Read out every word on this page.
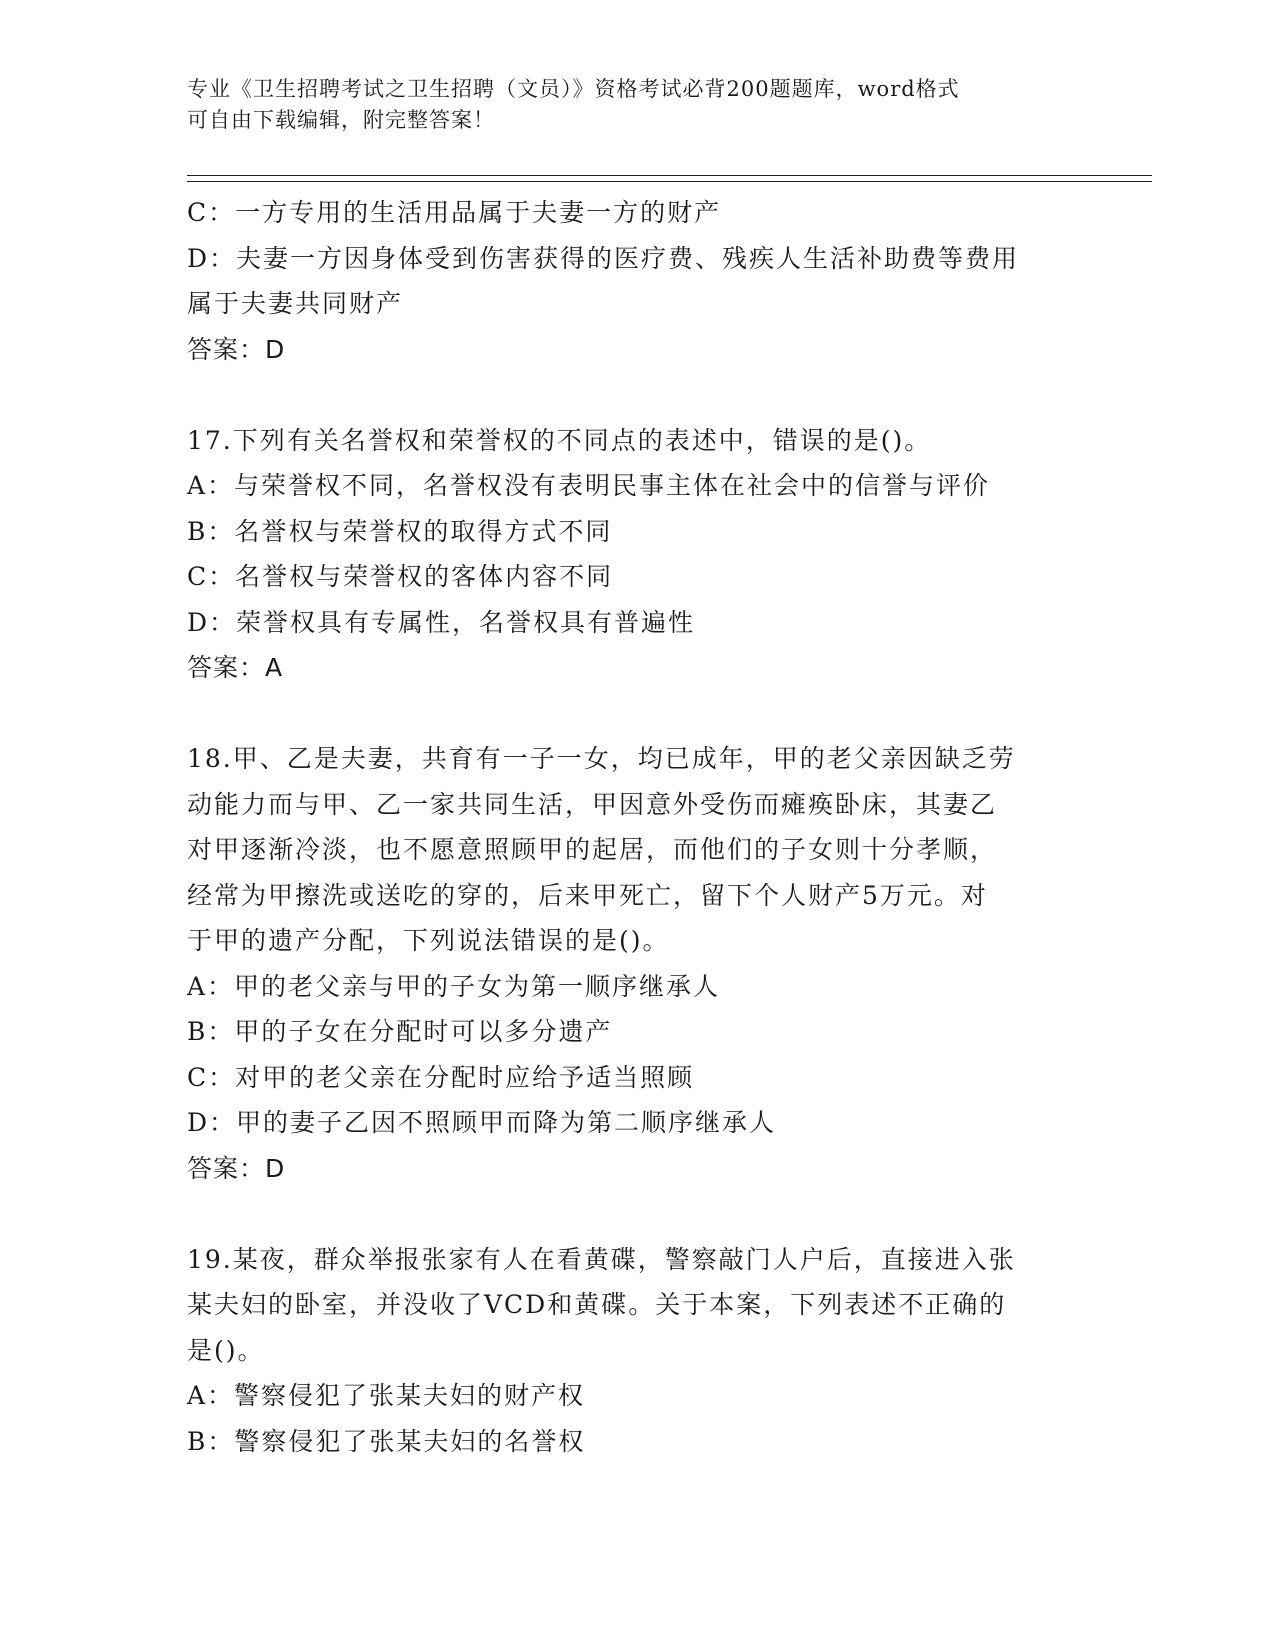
专业《卫生招聘考试之卫生招聘（文员）》资格考试必背200题题库，word格式
可自由下载编辑，附完整答案！
C：一方专用的生活用品属于夫妻一方的财产
D：夫妻一方因身体受到伤害获得的医疗费、残疾人生活补助费等费用
属于夫妻共同财产
答案：D
17.下列有关名誉权和荣誉权的不同点的表述中，错误的是()。
A：与荣誉权不同，名誉权没有表明民事主体在社会中的信誉与评价
B：名誉权与荣誉权的取得方式不同
C：名誉权与荣誉权的客体内容不同
D：荣誉权具有专属性，名誉权具有普遍性
答案：A
18.甲、乙是夫妻，共育有一子一女，均已成年，甲的老父亲因缺乏劳
动能力而与甲、乙一家共同生活，甲因意外受伤而瘫痪卧床，其妻乙
对甲逐渐冷淡，也不愿意照顾甲的起居，而他们的子女则十分孝顺，
经常为甲擦洗或送吃的穿的，后来甲死亡，留下个人财产5万元。对
于甲的遗产分配，下列说法错误的是()。
A：甲的老父亲与甲的子女为第一顺序继承人
B：甲的子女在分配时可以多分遗产
C：对甲的老父亲在分配时应给予适当照顾
D：甲的妻子乙因不照顾甲而降为第二顺序继承人
答案：D
19.某夜，群众举报张家有人在看黄碟，警察敲门人户后，直接进入张
某夫妇的卧室，并没收了VCD和黄碟。关于本案，下列表述不正确的
是()。
A：警察侵犯了张某夫妇的财产权
B：警察侵犯了张某夫妇的名誉权
